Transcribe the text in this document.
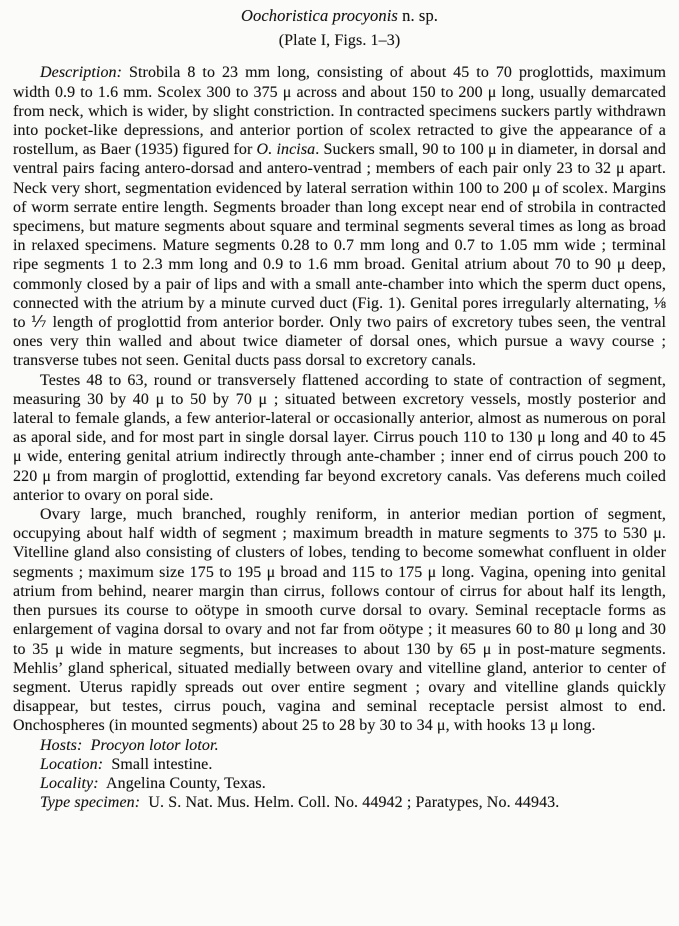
Oochoristica procyonis n. sp.

(Plate I, Figs. 1–3)

Description: Strobila 8 to 23 mm long, consisting of about 45 to 70 proglottids, maximum width 0.9 to 1.6 mm. Scolex 300 to 375 μ across and about 150 to 200 μ long, usually demarcated from neck, which is wider, by slight constriction. In contracted specimens suckers partly withdrawn into pocket-like depressions, and anterior portion of scolex retracted to give the appearance of a rostellum, as Baer (1935) figured for O. incisa. Suckers small, 90 to 100 μ in diameter, in dorsal and ventral pairs facing antero-dorsad and antero-ventrad ; members of each pair only 23 to 32 μ apart. Neck very short, segmentation evidenced by lateral serration within 100 to 200 μ of scolex. Margins of worm serrate entire length. Segments broader than long except near end of strobila in contracted specimens, but mature segments about square and terminal segments several times as long as broad in relaxed specimens. Mature segments 0.28 to 0.7 mm long and 0.7 to 1.05 mm wide ; terminal ripe segments 1 to 2.3 mm long and 0.9 to 1.6 mm broad. Genital atrium about 70 to 90 μ deep, commonly closed by a pair of lips and with a small ante-chamber into which the sperm duct opens, connected with the atrium by a minute curved duct (Fig. 1). Genital pores irregularly alternating, ⅛ to ⅐ length of proglottid from anterior border. Only two pairs of excretory tubes seen, the ventral ones very thin walled and about twice diameter of dorsal ones, which pursue a wavy course ; transverse tubes not seen. Genital ducts pass dorsal to excretory canals.

Testes 48 to 63, round or transversely flattened according to state of contraction of segment, measuring 30 by 40 μ to 50 by 70 μ ; situated between excretory vessels, mostly posterior and lateral to female glands, a few anterior-lateral or occasionally anterior, almost as numerous on poral as aporal side, and for most part in single dorsal layer. Cirrus pouch 110 to 130 μ long and 40 to 45 μ wide, entering genital atrium indirectly through ante-chamber ; inner end of cirrus pouch 200 to 220 μ from margin of proglottid, extending far beyond excretory canals. Vas deferens much coiled anterior to ovary on poral side.

Ovary large, much branched, roughly reniform, in anterior median portion of segment, occupying about half width of segment ; maximum breadth in mature segments to 375 to 530 μ. Vitelline gland also consisting of clusters of lobes, tending to become somewhat confluent in older segments ; maximum size 175 to 195 μ broad and 115 to 175 μ long. Vagina, opening into genital atrium from behind, nearer margin than cirrus, follows contour of cirrus for about half its length, then pursues its course to oötype in smooth curve dorsal to ovary. Seminal receptacle forms as enlargement of vagina dorsal to ovary and not far from oötype ; it measures 60 to 80 μ long and 30 to 35 μ wide in mature segments, but increases to about 130 by 65 μ in post-mature segments. Mehlis’ gland spherical, situated medially between ovary and vitelline gland, anterior to center of segment. Uterus rapidly spreads out over entire segment ; ovary and vitelline glands quickly disappear, but testes, cirrus pouch, vagina and seminal receptacle persist almost to end. Onchospheres (in mounted segments) about 25 to 28 by 30 to 34 μ, with hooks 13 μ long.

Hosts: Procyon lotor lotor.

Location: Small intestine.

Locality: Angelina County, Texas.

Type specimen: U. S. Nat. Mus. Helm. Coll. No. 44942 ; Paratypes, No. 44943.
